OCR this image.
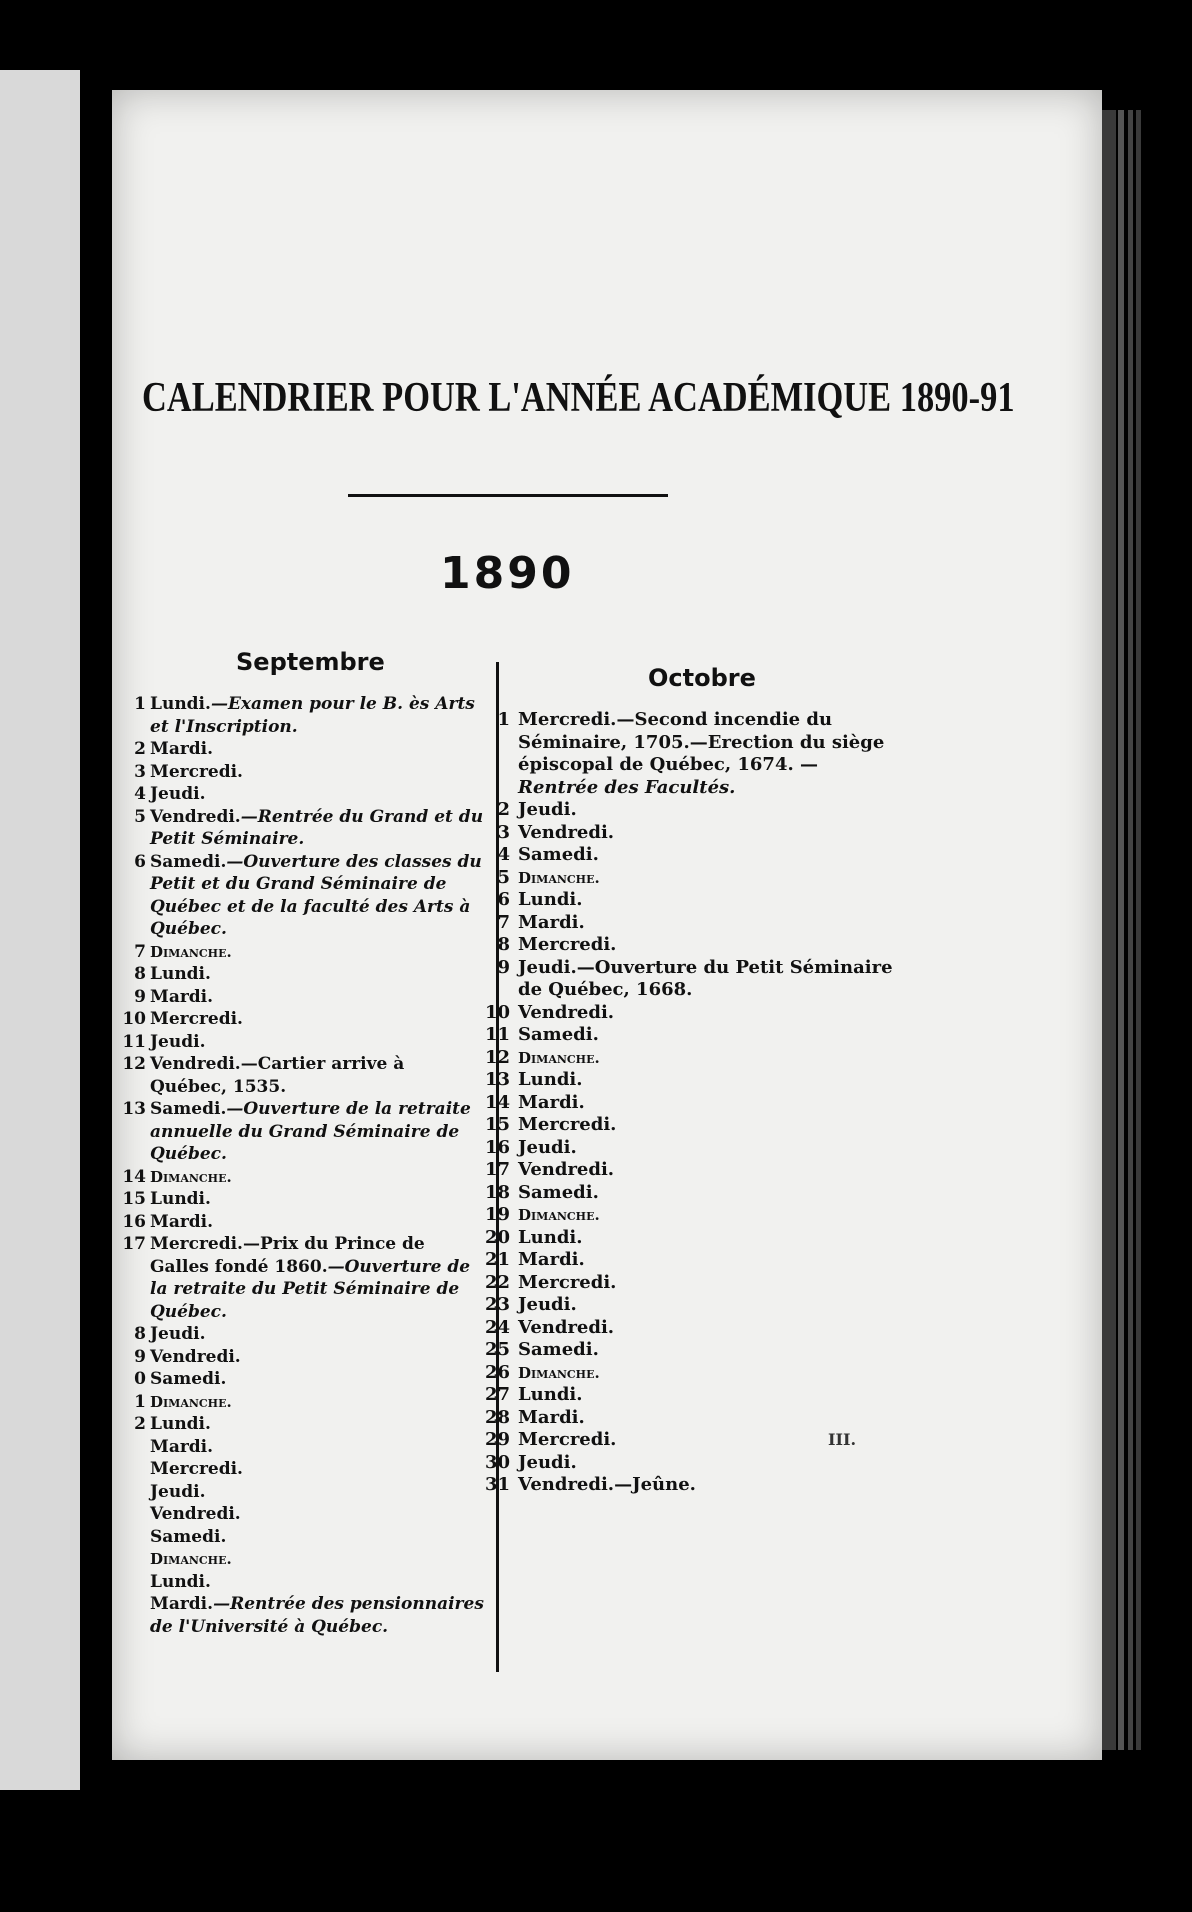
CALENDRIER POUR L'ANNÉE ACADÉMIQUE 1890-91
1890
Septembre
Octobre
1 Lundi.—Examen pour le B. ès Arts et l'Inscription.
2 Mardi.
3 Mercredi.
4 Jeudi.
5 Vendredi.—Rentrée du Grand et du Petit Séminaire.
6 Samedi.—Ouverture des classes du Petit et du Grand Séminaire de Québec et de la faculté des Arts à Québec.
7 Dimanche.
8 Lundi.
9 Mardi.
10 Mercredi.
11 Jeudi.
12 Vendredi.—Cartier arrive à Québec, 1535.
13 Samedi.—Ouverture de la retraite annuelle du Grand Séminaire de Québec.
14 Dimanche.
15 Lundi.
16 Mardi.
17 Mercredi.—Prix du Prince de Galles fondé 1860.—Ouverture de la retraite du Petit Séminaire de Québec.
8 Jeudi.
9 Vendredi.
0 Samedi.
1 Dimanche.
2 Lundi.
Mardi.
Mercredi.
Jeudi.
Vendredi.
Samedi.
Dimanche.
Lundi.
Mardi.—Rentrée des pensionnaires de l'Université à Québec.
1 Mercredi.—Second incendie du Séminaire, 1705.—Erection du siège épiscopal de Québec, 1674. —Rentrée des Facultés.
2 Jeudi.
3 Vendredi.
4 Samedi.
5 Dimanche.
6 Lundi.
7 Mardi.
8 Mercredi.
9 Jeudi.—Ouverture du Petit Séminaire de Québec, 1668.
10 Vendredi.
11 Samedi.
12 Dimanche.
13 Lundi.
14 Mardi.
15 Mercredi.
16 Jeudi.
17 Vendredi.
18 Samedi.
19 Dimanche.
20 Lundi.
21 Mardi.
22 Mercredi.
23 Jeudi.
24 Vendredi.
25 Samedi.
26 Dimanche.
27 Lundi.
28 Mardi.
29 Mercredi.
30 Jeudi.
31 Vendredi.—Jeûne.
III.
